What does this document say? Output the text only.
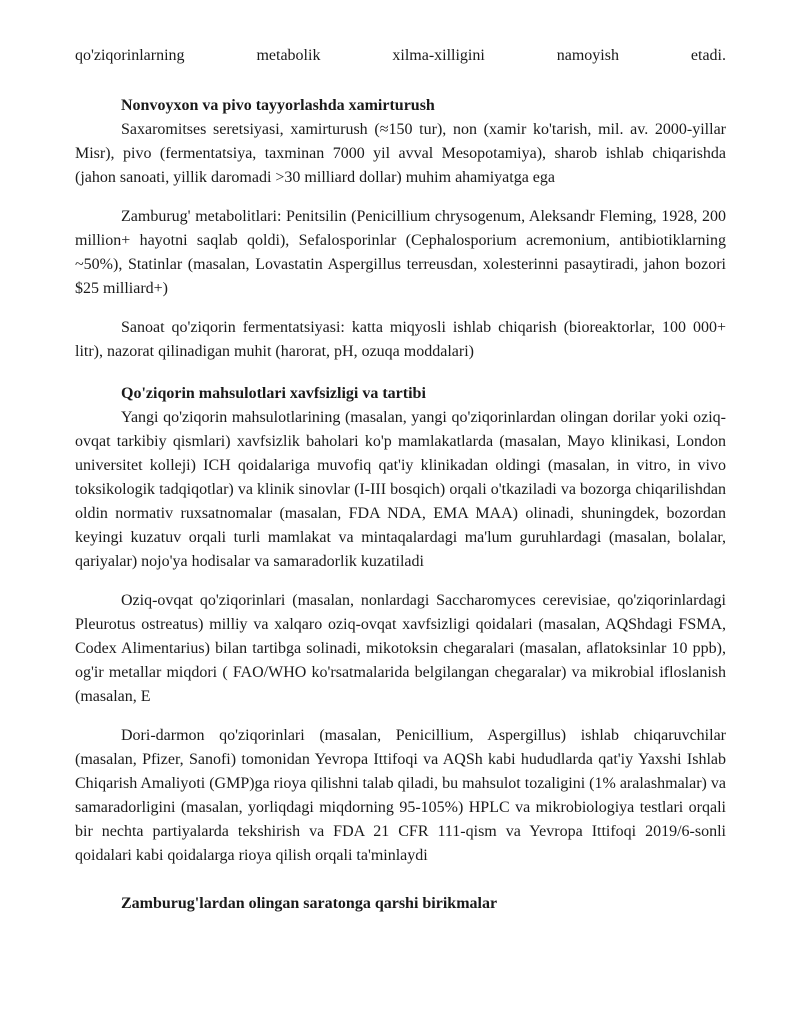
qo'ziqorinlarning metabolik xilma-xilligini namoyish etadi.

Nonvoyxon va pivo tayyorlashda xamirturush

Saxaromitses seretsiyasi, xamirturush (≈150 tur), non (xamir ko'tarish, mil. av. 2000-yillar Misr), pivo (fermentatsiya, taxminan 7000 yil avval Mesopotamiya), sharob ishlab chiqarishda (jahon sanoati, yillik daromadi >30 milliard dollar) muhim ahamiyatga ega

Zamburug' metabolitlari: Penitsilin (Penicillium chrysogenum, Aleksandr Fleming, 1928, 200 million+ hayotni saqlab qoldi), Sefalosporinlar (Cephalosporium acremonium, antibiotiklarning ~50%), Statinlar (masalan, Lovastatin Aspergillus terreusdan, xolesterinni pasaytiradi, jahon bozori $25 milliard+)

Sanoat qo'ziqorin fermentatsiyasi: katta miqyosli ishlab chiqarish (bioreaktorlar, 100 000+ litr), nazorat qilinadigan muhit (harorat, pH, ozuqa moddalari)

Qo'ziqorin mahsulotlari xavfsizligi va tartibi

Yangi qo'ziqorin mahsulotlarining (masalan, yangi qo'ziqorinlardan olingan dorilar yoki oziq-ovqat tarkibiy qismlari) xavfsizlik baholari ko'p mamlakatlarda (masalan, Mayo klinikasi, London universitet kolleji) ICH qoidalariga muvofiq qat'iy klinikadan oldingi (masalan, in vitro, in vivo toksikologik tadqiqotlar) va klinik sinovlar (I-III bosqich) orqali o'tkaziladi va bozorga chiqarilishdan oldin normativ ruxsatnomalar (masalan, FDA NDA, EMA MAA) olinadi, shuningdek, bozordan keyingi kuzatuv orqali turli mamlakat va mintaqalardagi ma'lum guruhlardagi (masalan, bolalar, qariyalar) nojo'ya hodisalar va samaradorlik kuzatiladi

Oziq-ovqat qo'ziqorinlari (masalan, nonlardagi Saccharomyces cerevisiae, qo'ziqorinlardagi Pleurotus ostreatus) milliy va xalqaro oziq-ovqat xavfsizligi qoidalari (masalan, AQShdagi FSMA, Codex Alimentarius) bilan tartibga solinadi, mikotoksin chegaralari (masalan, aflatoksinlar 10 ppb), og'ir metallar miqdori ( FAO/WHO ko'rsatmalarida belgilangan chegaralar) va mikrobial ifloslanish (masalan, E

Dori-darmon qo'ziqorinlari (masalan, Penicillium, Aspergillus) ishlab chiqaruvchilar (masalan, Pfizer, Sanofi) tomonidan Yevropa Ittifoqi va AQSh kabi hududlarda qat'iy Yaxshi Ishlab Chiqarish Amaliyoti (GMP)ga rioya qilishni talab qiladi, bu mahsulot tozaligini (1% aralashmalar) va samaradorligini (masalan, yorliqdagi miqdorning 95-105%) HPLC va mikrobiologiya testlari orqali bir nechta partiyalarda tekshirish va FDA 21 CFR 111-qism va Yevropa Ittifoqi 2019/6-sonli qoidalari kabi qoidalarga rioya qilish orqali ta'minlaydi

Zamburug'lardan olingan saratonga qarshi birikmalar
